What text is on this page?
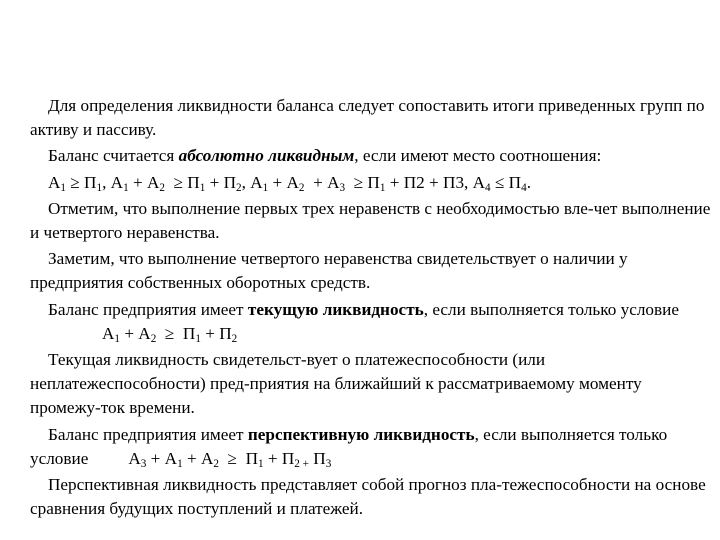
Для определения ликвидности баланса следует сопоставить итоги приведенных групп по активу и пассиву.

Баланс считается абсолютно ликвидным, если имеют место соотношения:

$А_1 \ge П_1$, $А_1 + А_2 \ge П_1 + П_2$, $А_1 + А_2 + А_3 \ge П_1 + П2 + П3$, $А_4 \le П_4$.

Отметим, что выполнение первых трех неравенств с необходимостью вле-чет выполнение и четвертого неравенства.

Заметим, что выполнение четвертого неравенства свидетельствует о наличии у предприятия собственных оборотных средств.

Баланс предприятия имеет текущую ликвидность, если выполняется только условиеА$_1$ + $А_2 \ge П_1 + П_2$

Текущая ликвидность свидетельст-вует о платежеспособности (или неплатежеспособности) пред-приятия на ближайший к рассматриваемому моменту промежу-ток времени.

Баланс предприятия имеет перспективную ликвидность, если выполняется только условие $А_3 + А_1 + А_2 \ge П_1 + П_{2 +}$ $П_3$

Перспективная ликвидность представляет собой прогноз пла-тежеспособности на основе сравнения будущих поступлений и платежей.
